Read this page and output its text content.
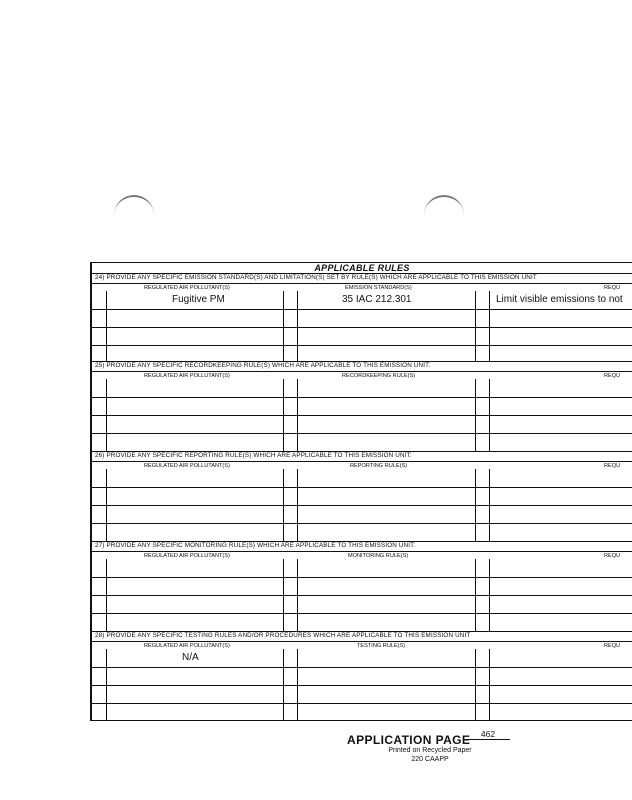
APPLICABLE RULES
24) PROVIDE ANY SPECIFIC EMISSION STANDARD(S) AND LIMITATION(S) SET BY RULE(S) WHICH ARE APPLICABLE TO THIS EMISSION UNIT
REGULATED AIR POLLUTANT(S)	EMISSION STANDARD(S)	REQU
Fugitive PM	35 IAC 212.301	Limit visible emissions to not
25) PROVIDE ANY SPECIFIC RECORDKEEPING RULE(S) WHICH ARE APPLICABLE TO THIS EMISSION UNIT:
REGULATED AIR POLLUTANT(S)	RECORDKEEPING RULE(S)	REQU
26) PROVIDE ANY SPECIFIC REPORTING RULE(S) WHICH ARE APPLICABLE TO THIS EMISSION UNIT:
REGULATED AIR POLLUTANT(S)	REPORTING RULE(S)	REQU
27) PROVIDE ANY SPECIFIC MONITORING RULE(S) WHICH ARE APPLICABLE TO THIS EMISSION UNIT:
REGULATED AIR POLLUTANT(S)	MONITORING RULE(S)	REQU
28) PROVIDE ANY SPECIFIC TESTING RULES AND/OR PROCEDURES WHICH ARE APPLICABLE TO THIS EMISSION UNIT
REGULATED AIR POLLUTANT(S)	TESTING RULE(S)	REQU
N/A
APPLICATION PAGE	462
Printed on Recycled Paper
220 CAAPP
